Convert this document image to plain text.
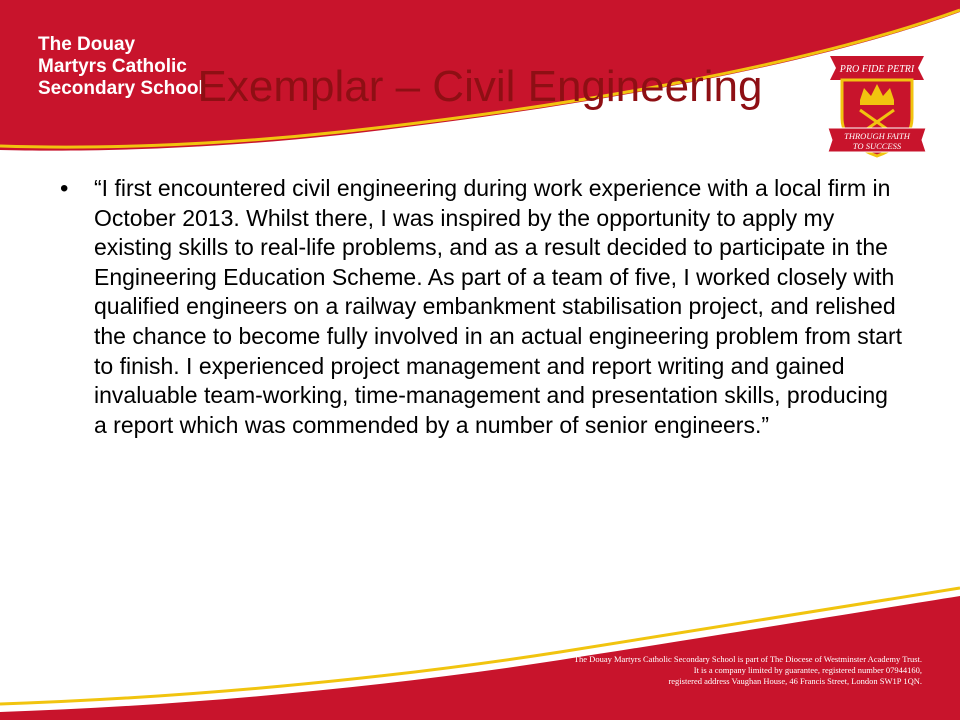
The Douay
Martyrs Catholic
Secondary School
PRO FIDE PETRI
THROUGH FAITH
TO SUCCESS
Exemplar – Civil Engineering
•	“I first encountered civil engineering during work experience with a local firm in October 2013. Whilst there, I was inspired by the opportunity to apply my existing skills to real-life problems, and as a result decided to participate in the Engineering Education Scheme. As part of a team of five, I worked closely with qualified engineers on a railway embankment stabilisation project, and relished the chance to become fully involved in an actual engineering problem from start to finish. I experienced project management and report writing and gained invaluable team-working, time-management and presentation skills, producing a report which was commended by a number of senior engineers.”

The Douay Martyrs Catholic Secondary School is part of The Diocese of Westminster Academy Trust.
It is a company limited by guarantee, registered number 07944160,
registered address Vaughan House, 46 Francis Street, London SW1P 1QN.
